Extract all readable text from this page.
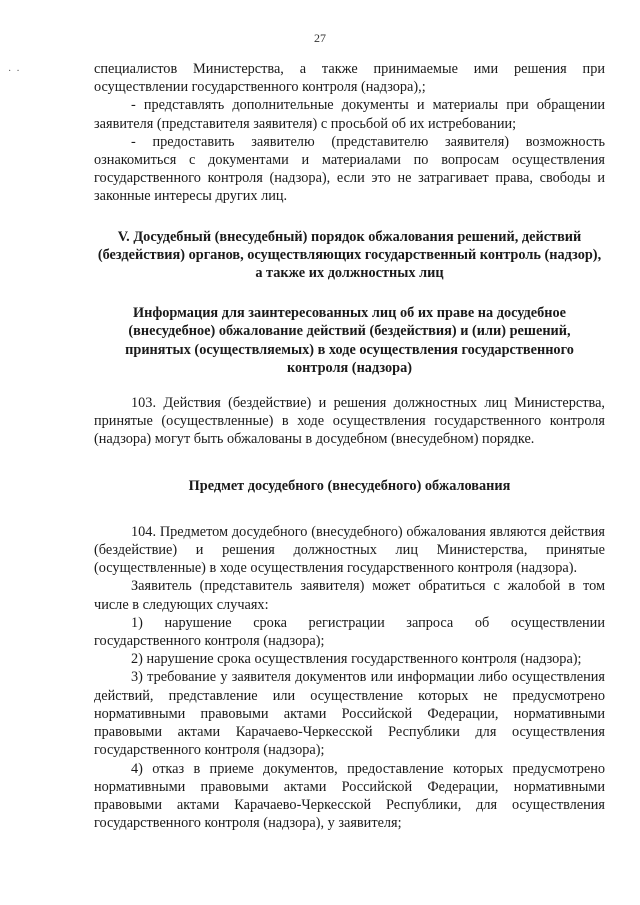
27
·  ·	специалистов Министерства, а также принимаемые ими решения при осуществлении государственного контроля (надзора),;

- представлять дополнительные документы и материалы при обращении заявителя (представителя заявителя) с просьбой об их истребовании;

- предоставить заявителю (представителю заявителя) возможность ознакомиться с документами и материалами по вопросам осуществления государственного контроля (надзора), если это не затрагивает права, свободы и законные интересы других лиц.

V. Досудебный (внесудебный) порядок обжалования решений, действий (бездействия) органов, осуществляющих государственный контроль (надзор), а также их должностных лиц
Информация для заинтересованных лиц об их праве на досудебное (внесудебное) обжалование действий (бездействия) и (или) решений, принятых (осуществляемых) в ходе осуществления государственного контроля (надзора)

103. Действия (бездействие) и решения должностных лиц Министерства, принятые (осуществленные) в ходе осуществления государственного контроля (надзора) могут быть обжалованы в досудебном (внесудебном) порядке.

Предмет досудебного (внесудебного) обжалования

104. Предметом досудебного (внесудебного) обжалования являются действия (бездействие) и решения должностных лиц Министерства, принятые (осуществленные) в ходе осуществления государственного контроля (надзора).

Заявитель (представитель заявителя) может обратиться с жалобой в том числе в следующих случаях:

1) нарушение срока регистрации запроса об осуществлении государственного контроля (надзора);

2) нарушение срока осуществления государственного контроля (надзора);

3) требование у заявителя документов или информации либо осуществления действий, представление или осуществление которых не предусмотрено нормативными правовыми актами Российской Федерации, нормативными правовыми актами Карачаево-Черкесской Республики для осуществления государственного контроля (надзора);

4) отказ в приеме документов, предоставление которых предусмотрено нормативными правовыми актами Российской Федерации, нормативными правовыми актами Карачаево-Черкесской Республики, для осуществления государственного контроля (надзора), у заявителя;
